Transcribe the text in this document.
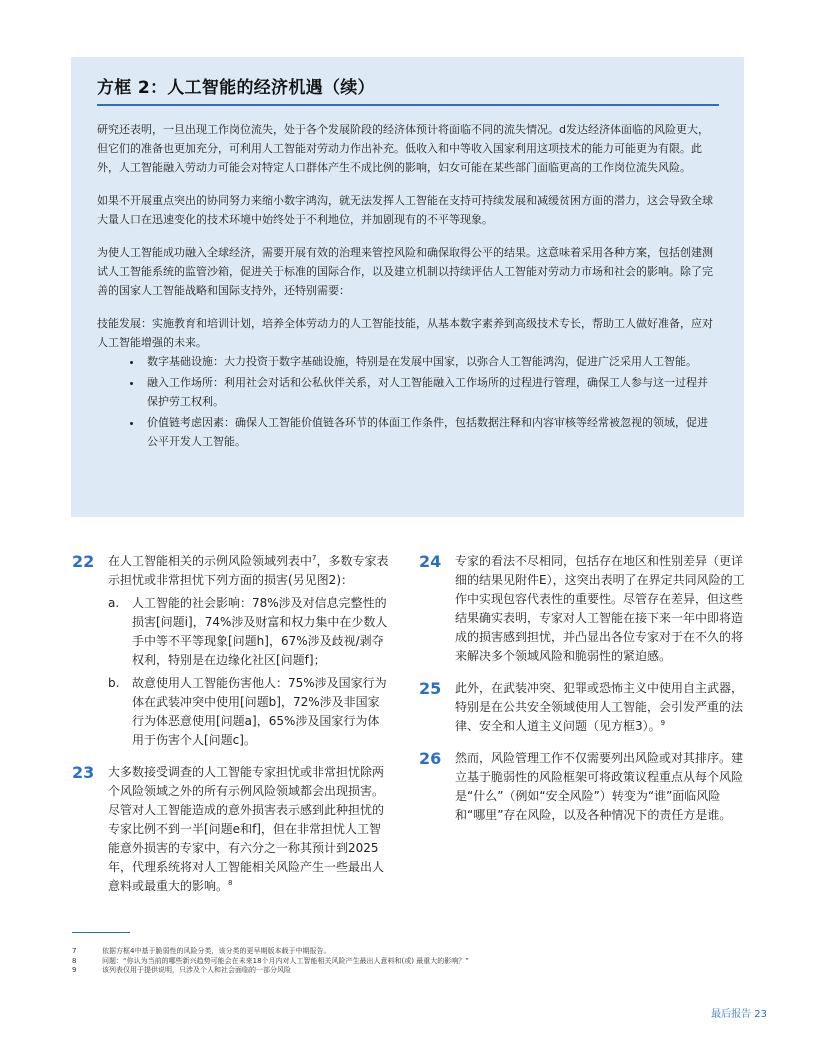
方框 2：人工智能的经济机遇（续）

研究还表明，一旦出现工作岗位流失，处于各个发展阶段的经济体预计将面临不同的流失情况。d发达经济体面临的风险更大，但它们的准备也更加充分，可利用人工智能对劳动力作出补充。低收入和中等收入国家利用这项技术的能力可能更为有限。此外，人工智能融入劳动力可能会对特定人口群体产生不成比例的影响，妇女可能在某些部门面临更高的工作岗位流失风险。

如果不开展重点突出的协同努力来缩小数字鸿沟，就无法发挥人工智能在支持可持续发展和减缓贫困方面的潜力，这会导致全球大量人口在迅速变化的技术环境中始终处于不利地位，并加剧现有的不平等现象。

为使人工智能成功融入全球经济，需要开展有效的治理来管控风险和确保取得公平的结果。这意味着采用各种方案，包括创建测试人工智能系统的监管沙箱，促进关于标准的国际合作，以及建立机制以持续评估人工智能对劳动力市场和社会的影响。除了完善的国家人工智能战略和国际支持外，还特别需要：

技能发展：实施教育和培训计划，培养全体劳动力的人工智能技能，从基本数字素养到高级技术专长，帮助工人做好准备，应对人工智能增强的未来。

• 数字基础设施：大力投资于数字基础设施，特别是在发展中国家，以弥合人工智能鸿沟，促进广泛采用人工智能。
• 融入工作场所：利用社会对话和公私伙伴关系，对人工智能融入工作场所的过程进行管理，确保工人参与这一过程并保护劳工权利。
• 价值链考虑因素：确保人工智能价值链各环节的体面工作条件，包括数据注释和内容审核等经常被忽视的领域，促进公平开发人工智能。
22 在人工智能相关的示例风险领域列表中$^7$，多数专家表示担忧或非常担忧下列方面的损害(另见图2)：

a. 人工智能的社会影响：78%涉及对信息完整性的损害[问题i]，74%涉及财富和权力集中在少数人手中等不平等现象[问题h]，67%涉及歧视/剥夺权利，特别是在边缘化社区[问题f]；
b. 故意使用人工智能伤害他人：75%涉及国家行为体在武装冲突中使用[问题b]，72%涉及非国家行为体恶意使用[问题a]，65%涉及国家行为体用于伤害个人[问题c]。
23 大多数接受调查的人工智能专家担忧或非常担忧除两个风险领域之外的所有示例风险领域都会出现损害。尽管对人工智能造成的意外损害表示感到此种担忧的专家比例不到一半[问题e和f]，但在非常担忧人工智能意外损害的专家中，有六分之一称其预计到2025年，代理系统将对人工智能相关风险产生一些最出人意料或最重大的影响。$^8$

24 专家的看法不尽相同，包括存在地区和性别差异（更详细的结果见附件E），这突出表明了在界定共同风险的工作中实现包容代表性的重要性。尽管存在差异，但这些结果确实表明，专家对人工智能在接下来一年中即将造成的损害感到担忧，并凸显出各位专家对于在不久的将来解决多个领域风险和脆弱性的紧迫感。

25 此外，在武装冲突、犯罪或恐怖主义中使用自主武器，特别是在公共安全领域使用人工智能，会引发严重的法律、安全和人道主义问题（见方框3）。$^9$

26 然而，风险管理工作不仅需要列出风险或对其排序。建立基于脆弱性的风险框架可将政策议程重点从每个风险是“什么”（例如“安全风险”）转变为“谁”面临风险和“哪里”存在风险，以及各种情况下的责任方是谁。

7	依据方框4中基于脆弱性的风险分类，该分类的更早期版本载于中期报告。
8	问题：“你认为当前的哪些新兴趋势可能会在未来18个月内对人工智能相关风险产生最出人意料和(或) 最重大的影响？”
9	该列表仅用于提供说明，只涉及个人和社会面临的一部分风险
最后报告 23
